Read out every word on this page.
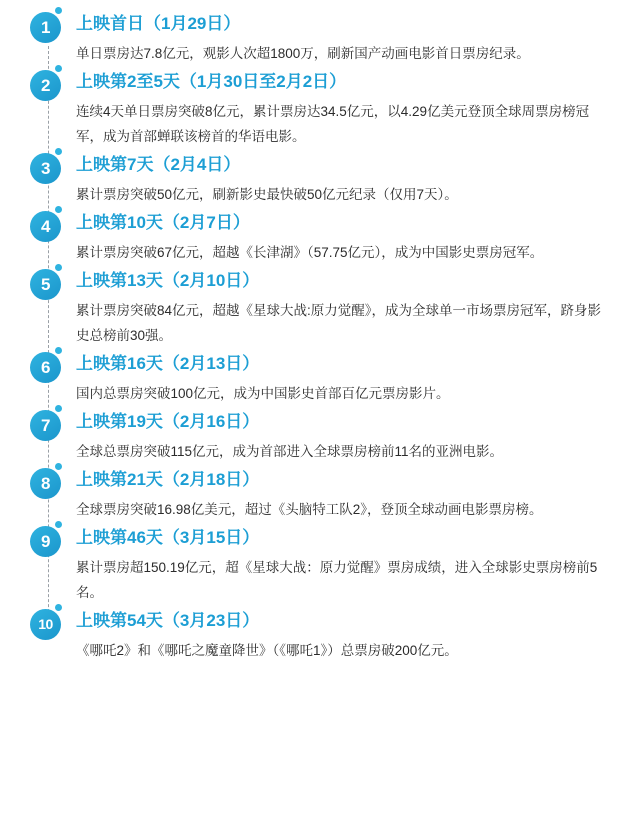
1	上映首日（1月29日）
单日票房达7.8亿元，观影人次超1800万，刷新国产动画电影首日票房纪录。
2	上映第2至5天（1月30日至2月2日）
连续4天单日票房突破8亿元，累计票房达34.5亿元，以4.29亿美元登顶全球周票房榜冠军，成为首部蝉联该榜首的华语电影。
3	上映第7天（2月4日）
累计票房突破50亿元，刷新影史最快破50亿元纪录（仅用7天）。
4	上映第10天（2月7日）
累计票房突破67亿元，超越《长津湖》（57.75亿元），成为中国影史票房冠军。
5	上映第13天（2月10日）
累计票房突破84亿元，超越《星球大战:原力觉醒》，成为全球单一市场票房冠军，跻身影史总榜前30强。
6	上映第16天（2月13日）
国内总票房突破100亿元，成为中国影史首部百亿元票房影片。
7	上映第19天（2月16日）
全球总票房突破115亿元，成为首部进入全球票房榜前11名的亚洲电影。
8	上映第21天（2月18日）
全球票房突破16.98亿美元，超过《头脑特工队2》，登顶全球动画电影票房榜。
9	上映第46天（3月15日）
累计票房超150.19亿元，超《星球大战：原力觉醒》票房成绩，进入全球影史票房榜前5名。
10	上映第54天（3月23日）
《哪吒2》和《哪吒之魔童降世》（《哪吒1》）总票房破200亿元。
